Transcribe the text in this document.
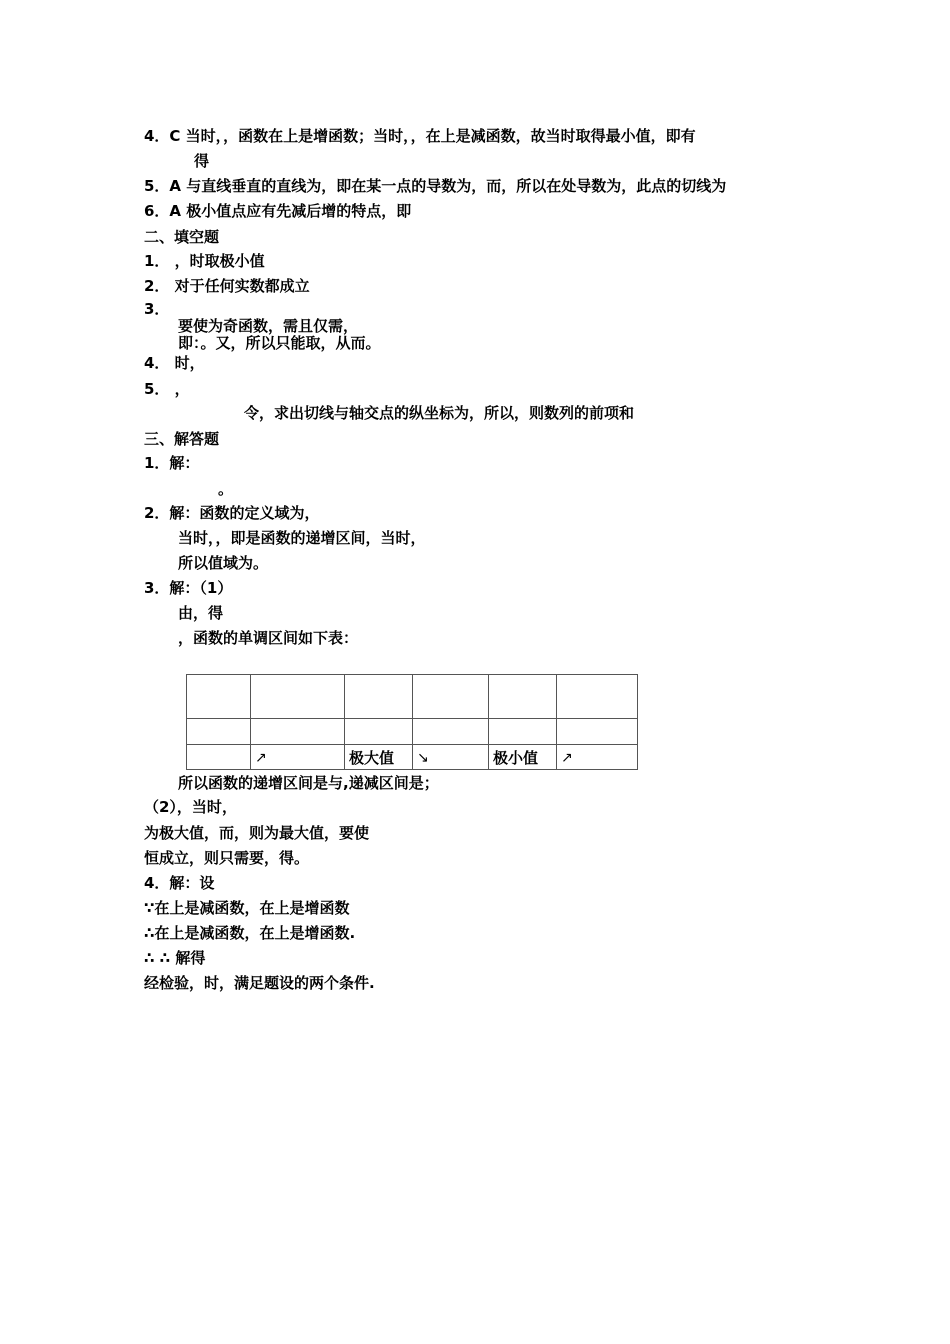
4．C 当时，，函数在上是增函数；当时，，在上是减函数，故当时取得最小值，即有
得
5．A 与直线垂直的直线为，即在某一点的导数为，而，所以在处导数为，此点的切线为
6．A 极小值点应有先减后增的特点，即
二、填空题
1． ，时取极小值
2． 对于任何实数都成立
3．
要使为奇函数，需且仅需，
即：。又，所以只能取，从而。
4． 时，
5． ，
令，求出切线与轴交点的纵坐标为，所以，则数列的前项和
三、解答题
1．解：
。
2．解：函数的定义域为，
当时，，即是函数的递增区间，当时，
所以值域为。
3．解：（1）
由，得
，函数的单调区间如下表：

	↗	极大值	↘	极小值	↗
所以函数的递增区间是与,递减区间是；
（2），当时，
为极大值，而，则为最大值，要使
恒成立，则只需要，得。
4．解：设
∵在上是减函数，在上是增函数
∴在上是减函数，在上是增函数.
∴ ∴ 解得
经检验，时，满足题设的两个条件.
